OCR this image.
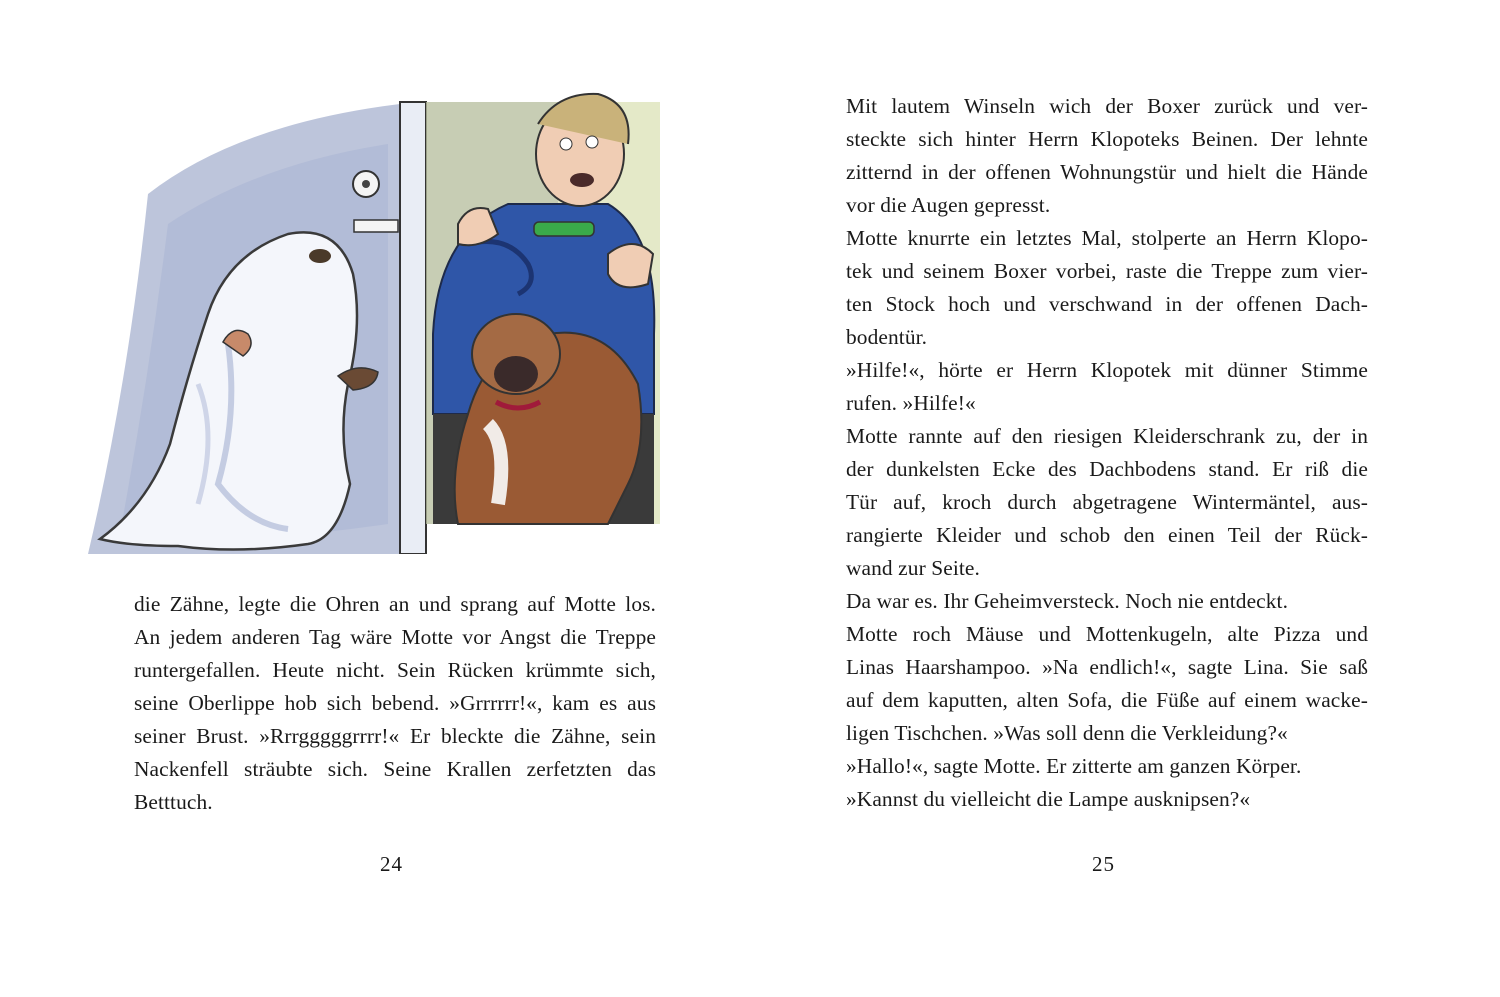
die Zähne, legte die Ohren an und sprang auf Motte los.
An jedem anderen Tag wäre Motte vor Angst die Treppe
runtergefallen. Heute nicht. Sein Rücken krümmte sich,
seine Oberlippe hob sich bebend. »Grrrrrr!«, kam es aus
seiner Brust. »Rrrgggggrrrr!« Er bleckte die Zähne, sein
Nackenfell sträubte sich. Seine Krallen zerfetzten das
Betttuch.
24
Mit lautem Winseln wich der Boxer zurück und ver-
steckte sich hinter Herrn Klopoteks Beinen. Der lehnte
zitternd in der offenen Wohnungstür und hielt die Hände
vor die Augen gepresst.
Motte knurrte ein letztes Mal, stolperte an Herrn Klopo-
tek und seinem Boxer vorbei, raste die Treppe zum vier-
ten Stock hoch und verschwand in der offenen Dach-
bodentür.
»Hilfe!«, hörte er Herrn Klopotek mit dünner Stimme
rufen. »Hilfe!«
Motte rannte auf den riesigen Kleiderschrank zu, der in
der dunkelsten Ecke des Dachbodens stand. Er riß die
Tür auf, kroch durch abgetragene Wintermäntel, aus-
rangierte Kleider und schob den einen Teil der Rück-
wand zur Seite.
Da war es. Ihr Geheimversteck. Noch nie entdeckt.
Motte roch Mäuse und Mottenkugeln, alte Pizza und
Linas Haarshampoo. »Na endlich!«, sagte Lina. Sie saß
auf dem kaputten, alten Sofa, die Füße auf einem wacke-
ligen Tischchen. »Was soll denn die Verkleidung?«
»Hallo!«, sagte Motte. Er zitterte am ganzen Körper.
»Kannst du vielleicht die Lampe ausknipsen?«
25
